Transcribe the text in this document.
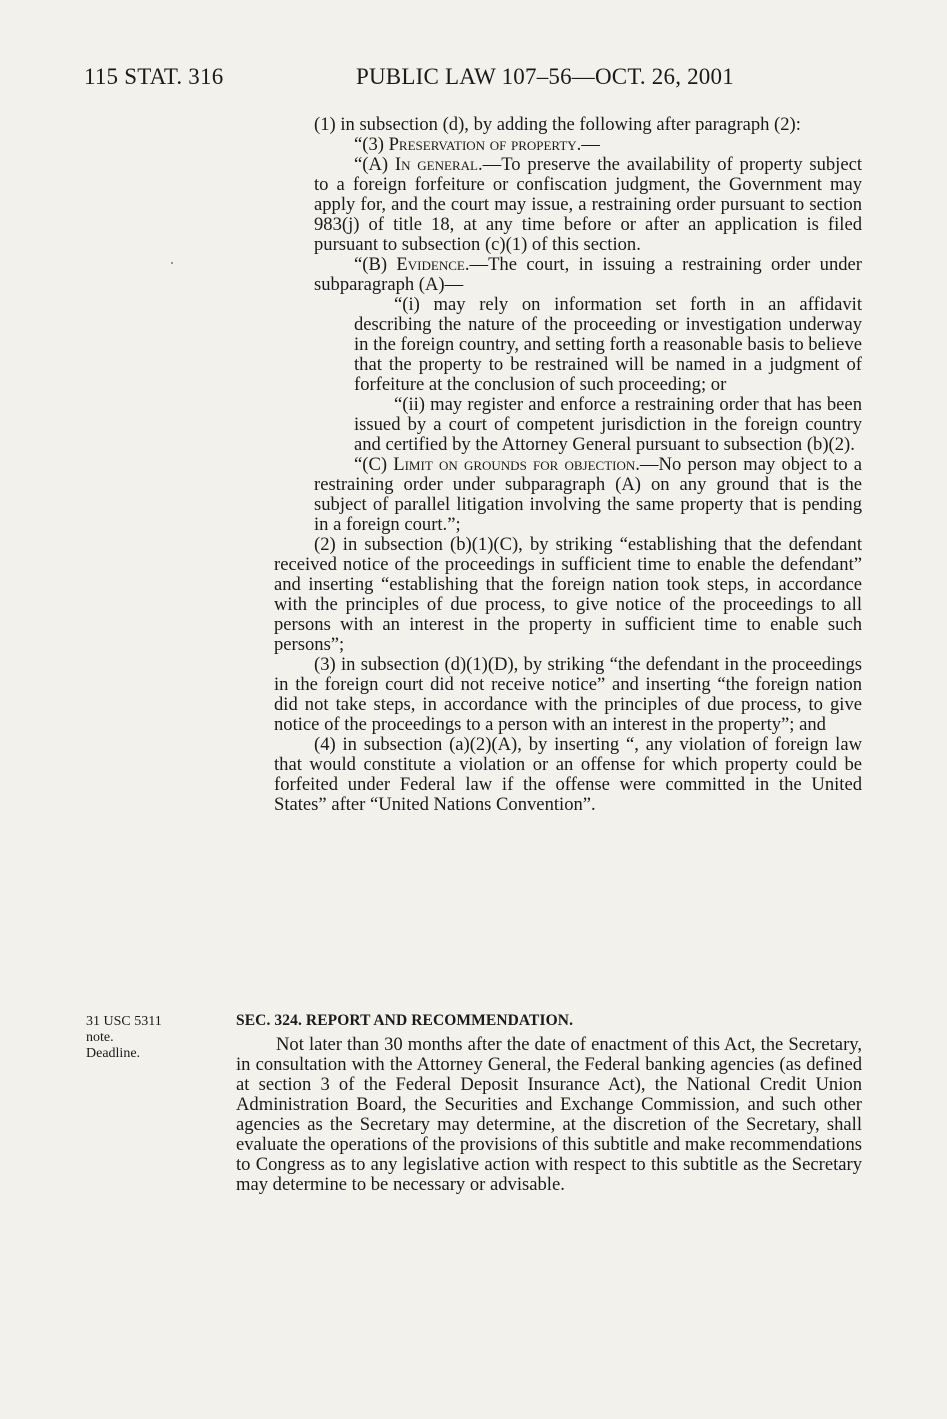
115 STAT. 316	PUBLIC LAW 107–56—OCT. 26, 2001

(1) in subsection (d), by adding the following after paragraph (2):

“(3) Preservation of property.—

“(A) In general.—To preserve the availability of property subject to a foreign forfeiture or confiscation judgment, the Government may apply for, and the court may issue, a restraining order pursuant to section 983(j) of title 18, at any time before or after an application is filed pursuant to subsection (c)(1) of this section.

“(B) Evidence.—The court, in issuing a restraining order under subparagraph (A)—

“(i) may rely on information set forth in an affidavit describing the nature of the proceeding or investigation underway in the foreign country, and setting forth a reasonable basis to believe that the property to be restrained will be named in a judgment of forfeiture at the conclusion of such proceeding; or

“(ii) may register and enforce a restraining order that has been issued by a court of competent jurisdiction in the foreign country and certified by the Attorney General pursuant to subsection (b)(2).

“(C) Limit on grounds for objection.—No person may object to a restraining order under subparagraph (A) on any ground that is the subject of parallel litigation involving the same property that is pending in a foreign court.”;

(2) in subsection (b)(1)(C), by striking “establishing that the defendant received notice of the proceedings in sufficient time to enable the defendant” and inserting “establishing that the foreign nation took steps, in accordance with the principles of due process, to give notice of the proceedings to all persons with an interest in the property in sufficient time to enable such persons”;

(3) in subsection (d)(1)(D), by striking “the defendant in the proceedings in the foreign court did not receive notice” and inserting “the foreign nation did not take steps, in accordance with the principles of due process, to give notice of the proceedings to a person with an interest in the property”; and

(4) in subsection (a)(2)(A), by inserting “, any violation of foreign law that would constitute a violation or an offense for which property could be forfeited under Federal law if the offense were committed in the United States” after “United Nations Convention”.

31 USC 5311
note.
Deadline.
SEC. 324. REPORT AND RECOMMENDATION.

Not later than 30 months after the date of enactment of this Act, the Secretary, in consultation with the Attorney General, the Federal banking agencies (as defined at section 3 of the Federal Deposit Insurance Act), the National Credit Union Administration Board, the Securities and Exchange Commission, and such other agencies as the Secretary may determine, at the discretion of the Secretary, shall evaluate the operations of the provisions of this subtitle and make recommendations to Congress as to any legislative action with respect to this subtitle as the Secretary may determine to be necessary or advisable.
